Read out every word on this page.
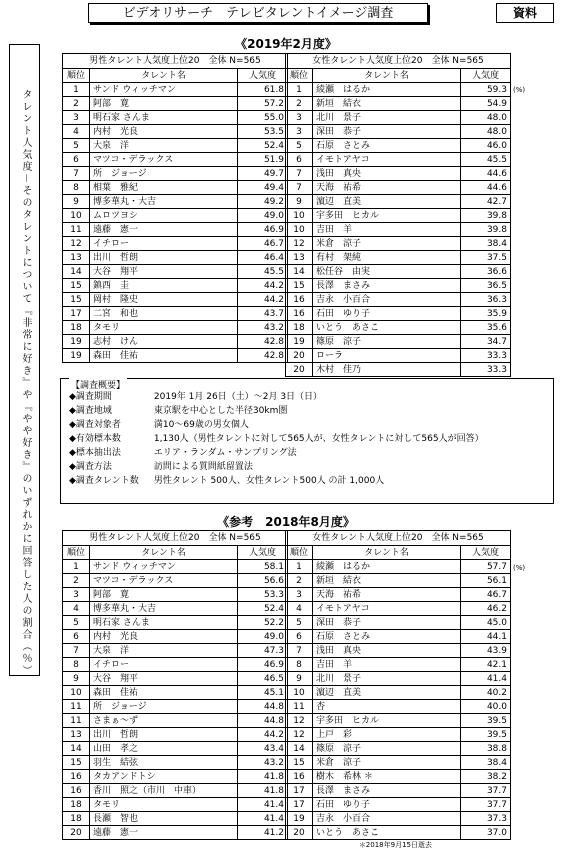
ビデオリサーチ　テレビタレントイメージ調査	資料
タレント人気度－そのタレントについて『非常に好き』や『やや好き』のいずれかに回答した人の割合（％）
《2019年2月度》
男性タレント人気度上位20　全体 N=565		
順位	タレント名	人気度
1	サンド ウィッチマン	61.8
2	阿部　寛	57.2
3	明石家 さんま	55.0
4	内村　光良	53.5
5	大泉　洋	52.4
6	マツコ・デラックス	51.9
7	所　ジョージ	49.7
8	相葉　雅紀	49.4
9	博多華丸・大吉	49.2
10	ムロツヨシ	49.0
11	遠藤　憲一	46.9
12	イチロー	46.7
13	出川　哲朗	46.4
14	大谷　翔平	45.5
15	鎮西　圭	44.2
15	岡村　隆史	44.2
17	二宮　和也	43.7
18	タモリ	43.2
19	志村　けん	42.8
19	森田　佳祐	42.8
女性タレント人気度上位20　全体 N=565		
順位	タレント名	人気度
1	綾瀬　はるか	59.3
2	新垣　結衣	54.9
3	北川　景子	48.0
3	深田　恭子	48.0
5	石原　さとみ	46.0
6	イモトアヤコ	45.5
7	浅田　真央	44.6
7	天海　祐希	44.6
9	濵辺　直美	42.7
10	宇多田　ヒカル	39.8
10	吉田　羊	39.8
12	米倉　涼子	38.4
13	有村　架純	37.5
14	松任谷　由実	36.6
15	長澤　まさみ	36.5
16	吉永　小百合	36.3
16	石田　ゆり子	35.9
18	いとう　あさこ	35.6
19	篠原　涼子	34.7
20	ローラ	33.3
20	木村　佳乃	33.3
(%)
【調査概要】
◆調査期間	2019年 1月 26日（土）～2月 3日（日）
◆調査地域	東京駅を中心とした半径30km圏
◆調査対象者	満10～69歳の男女個人
◆有効標本数	1,130人（男性タレントに対して565人が、女性タレントに対して565人が回答）
◆標本抽出法	エリア・ランダム・サンプリング法
◆調査方法	訪問による質問紙留置法
◆調査タレント数 男性タレント 500人、女性タレント500人 の計 1,000人
《参考　2018年8月度》
男性タレント人気度上位20　全体 N=565		
順位	タレント名	人気度
1	サンド ウィッチマン	58.1
2	マツコ・デラックス	56.6
3	阿部　寛	53.3
4	博多華丸・大吉	52.4
5	明石家 さんま	52.2
6	内村　光良	49.0
7	大泉　洋	47.3
8	イチロー	46.9
9	大谷　翔平	46.5
10	森田　佳祐	45.1
11	所　ジョージ	44.8
11	さまぁ～ず	44.8
13	出川　哲朗	44.2
14	山田　孝之	43.4
15	羽生　結弦	43.2
16	タカアンドトシ	41.8
16	香川　照之（市川　中車）	41.8
18	タモリ	41.4
18	長瀬　智也	41.4
20	遠藤　憲一	41.2
女性タレント人気度上位20　全体 N=565		
順位	タレント名	人気度
1	綾瀬　はるか	57.7
2	新垣　結衣	56.1
3	天海　祐希	46.7
4	イモトアヤコ	46.2
5	深田　恭子	45.0
6	石原　さとみ	44.1
7	浅田　真央	43.9
8	吉田　羊	42.1
9	北川　景子	41.4
10	濵辺　直美	40.2
11	杏	40.0
12	宇多田　ヒカル	39.5
12	上戸　彩	39.5
14	篠原　涼子	38.8
15	米倉　涼子	38.4
16	樹木　希林 ＊	38.2
17	長澤　まさみ	37.7
17	石田　ゆり子	37.7
19	吉永　小百合	37.3
20	いとう　あさこ	37.0
(%)
＊2018年9月15日逝去
